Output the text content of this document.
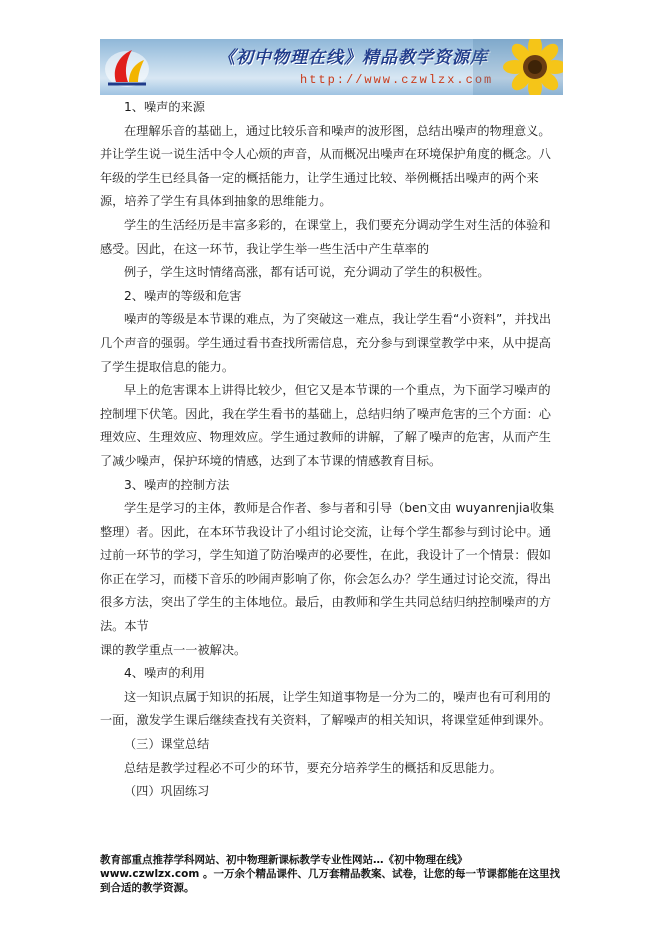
《初中物理在线》精品教学资源库
http://www.czwlzx.com

1、噪声的来源

在理解乐音的基础上，通过比较乐音和噪声的波形图，总结出噪声的物理意义。并让学生说一说生活中令人心烦的声音，从而概况出噪声在环境保护角度的概念。八年级的学生已经具备一定的概括能力，让学生通过比较、举例概括出噪声的两个来源，培养了学生有具体到抽象的思维能力。

学生的生活经历是丰富多彩的，在课堂上，我们要充分调动学生对生活的体验和感受。因此，在这一环节，我让学生举一些生活中产生草率的

例子，学生这时情绪高涨，都有话可说，充分调动了学生的积极性。

2、噪声的等级和危害

噪声的等级是本节课的难点，为了突破这一难点，我让学生看“小资料”，并找出几个声音的强弱。学生通过看书查找所需信息，充分参与到课堂教学中来，从中提高了学生提取信息的能力。

早上的危害课本上讲得比较少，但它又是本节课的一个重点，为下面学习噪声的控制埋下伏笔。因此，我在学生看书的基础上，总结归纳了噪声危害的三个方面：心理效应、生理效应、物理效应。学生通过教师的讲解，了解了噪声的危害，从而产生了减少噪声，保护环境的情感，达到了本节课的情感教育目标。

3、噪声的控制方法

学生是学习的主体，教师是合作者、参与者和引导（ben文由 wuyanrenjia收集整理）者。因此，在本环节我设计了小组讨论交流，让每个学生都参与到讨论中。通过前一环节的学习，学生知道了防治噪声的必要性，在此，我设计了一个情景：假如你正在学习，而楼下音乐的吵闹声影响了你，你会怎么办？学生通过讨论交流，得出很多方法，突出了学生的主体地位。最后，由教师和学生共同总结归纳控制噪声的方法。本节

课的教学重点一一被解决。

4、噪声的利用

这一知识点属于知识的拓展，让学生知道事物是一分为二的，噪声也有可利用的一面，激发学生课后继续查找有关资料，了解噪声的相关知识，将课堂延伸到课外。

（三）课堂总结

总结是教学过程必不可少的环节，要充分培养学生的概括和反思能力。

（四）巩固练习

教育部重点推荐学科网站、初中物理新课标教学专业性网站…《初中物理在线》www.czwlzx.com 。一万余个精品课件、几万套精品教案、试卷，让您的每一节课都能在这里找到合适的教学资源。
